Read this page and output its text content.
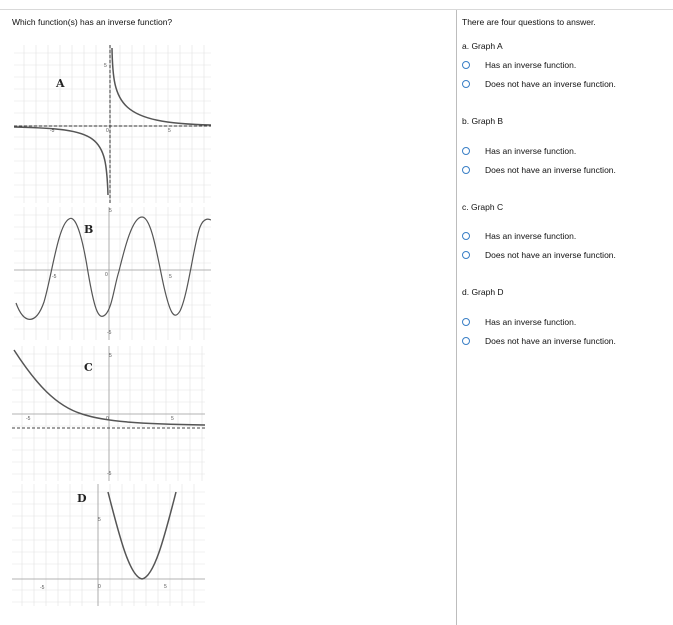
Which function(s) has an inverse function?
A
5
-5	0	5
B
5
-5	0	5
-5
C
5
-5	0	5
-5
D
5
-5	0	5
There are four questions to answer.
a. Graph A
Has an inverse function.
Does not have an inverse function.
b. Graph B
Has an inverse function.
Does not have an inverse function.
c. Graph C
Has an inverse function.
Does not have an inverse function.
d. Graph D
Has an inverse function.
Does not have an inverse function.
